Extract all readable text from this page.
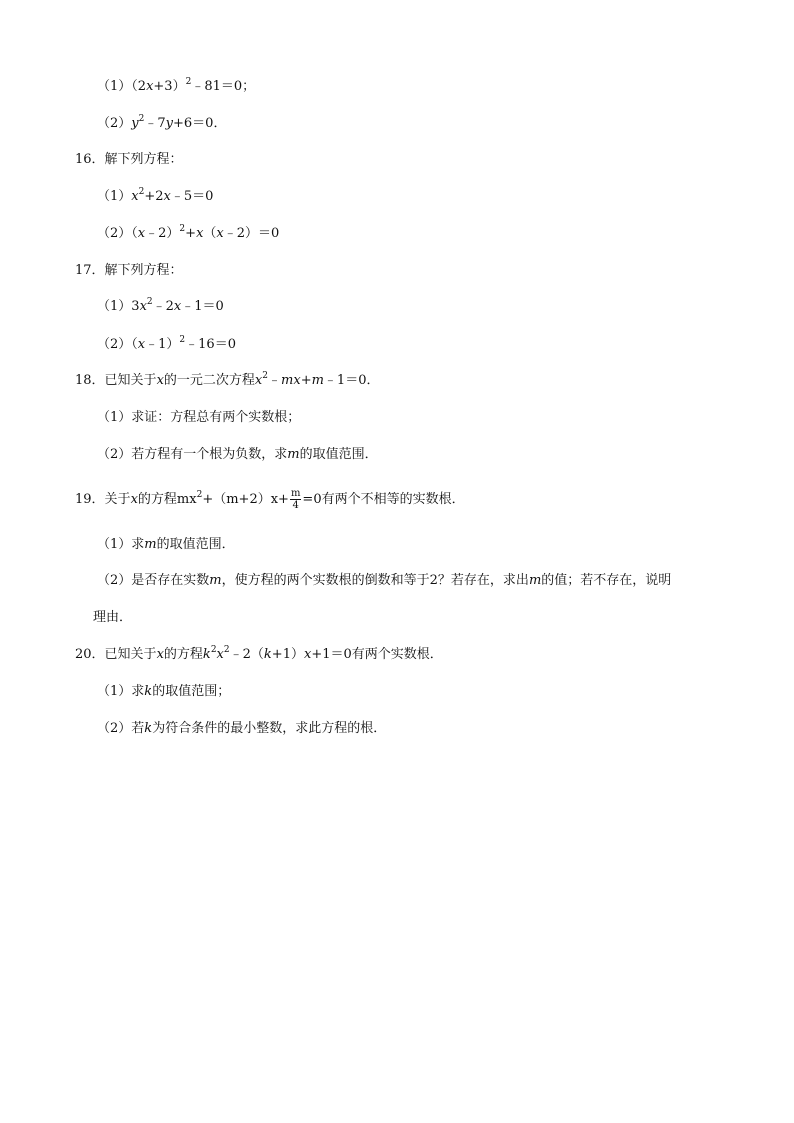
$(1)(2x+3)^2﹣81=0$；
$(2)y^2﹣7y+6=0$．
16．解下列方程：
$(1)x^2+2x﹣5=0$
（2）（x﹣2）$^2$+x（x﹣2）＝0
17．解下列方程：
$(1)3x^2﹣2x﹣1=0$
（2）（x﹣1）$^2$﹣16＝0
18．已知关于x的一元二次方程$x^2﹣mx+m﹣1=0$．
（1）求证：方程总有两个实数根；
（2）若方程有一个根为负数，求m的取值范围．
19．关于x的方程$mx^2+(m+2)x+ \frac{m}{4} =0$有两个不相等的实数根．
（1）求m的取值范围．
（2）是否存在实数m，使方程的两个实数根的倒数和等于2？若存在，求出m的值；若不存在，说明
理由．
20．已知关于x的方程$k^2x^2﹣2(k+1)x+1=0$有两个实数根．
（1）求k的取值范围；
（2）若k为符合条件的最小整数，求此方程的根．
